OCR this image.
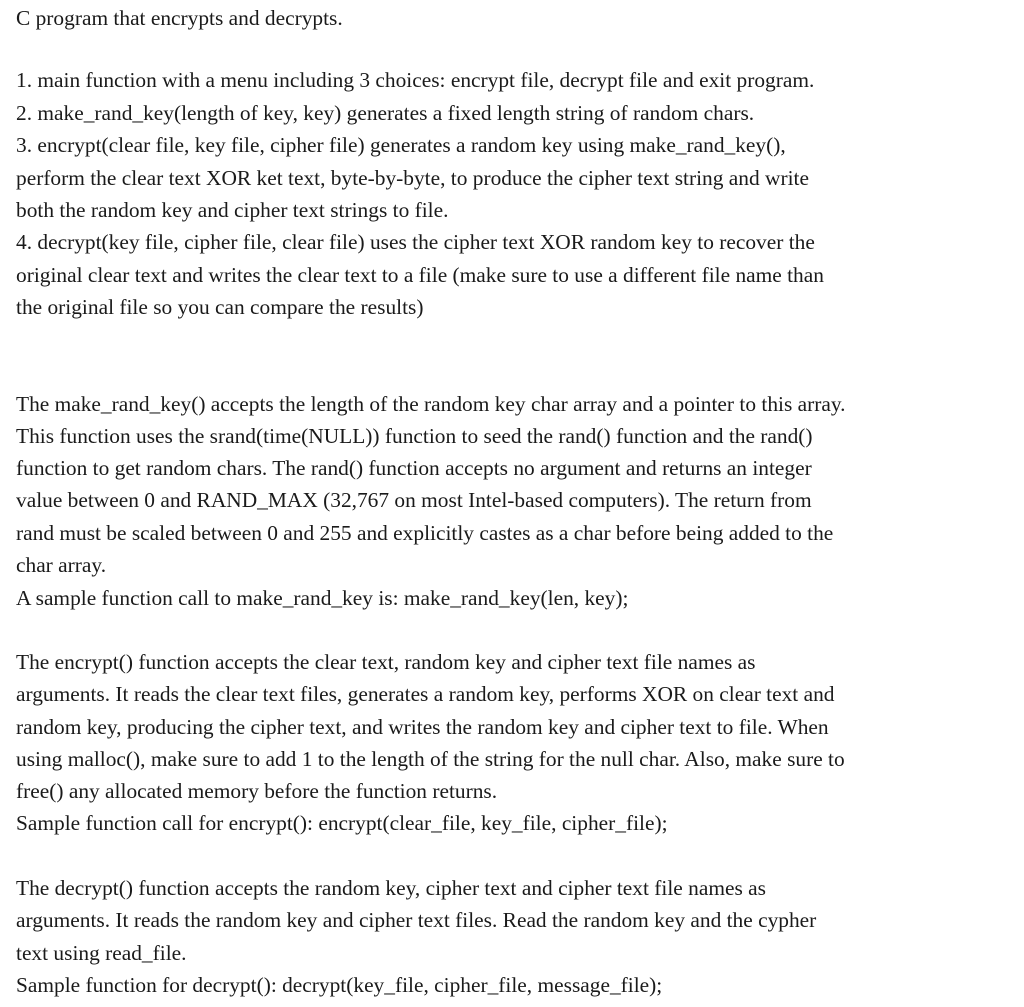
C program that encrypts and decrypts.
1. main function with a menu including 3 choices: encrypt file, decrypt file and exit program.
2. make_rand_key(length of key, key) generates a fixed length string of random chars.
3. encrypt(clear file, key file, cipher file) generates a random key using make_rand_key(),
perform the clear text XOR ket text, byte-by-byte, to produce the cipher text string and write
both the random key and cipher text strings to file.
4. decrypt(key file, cipher file, clear file) uses the cipher text XOR random key to recover the
original clear text and writes the clear text to a file (make sure to use a different file name than
the original file so you can compare the results)
The make_rand_key() accepts the length of the random key char array and a pointer to this array.
This function uses the srand(time(NULL)) function to seed the rand() function and the rand()
function to get random chars. The rand() function accepts no argument and returns an integer
value between 0 and RAND_MAX (32,767 on most Intel-based computers). The return from
rand must be scaled between 0 and 255 and explicitly castes as a char before being added to the
char array.
A sample function call to make_rand_key is: make_rand_key(len, key);
The encrypt() function accepts the clear text, random key and cipher text file names as
arguments. It reads the clear text files, generates a random key, performs XOR on clear text and
random key, producing the cipher text, and writes the random key and cipher text to file. When
using malloc(), make sure to add 1 to the length of the string for the null char. Also, make sure to
free() any allocated memory before the function returns.
Sample function call for encrypt(): encrypt(clear_file, key_file, cipher_file);
The decrypt() function accepts the random key, cipher text and cipher text file names as
arguments. It reads the random key and cipher text files. Read the random key and the cypher
text using read_file.
Sample function for decrypt(): decrypt(key_file, cipher_file, message_file);
